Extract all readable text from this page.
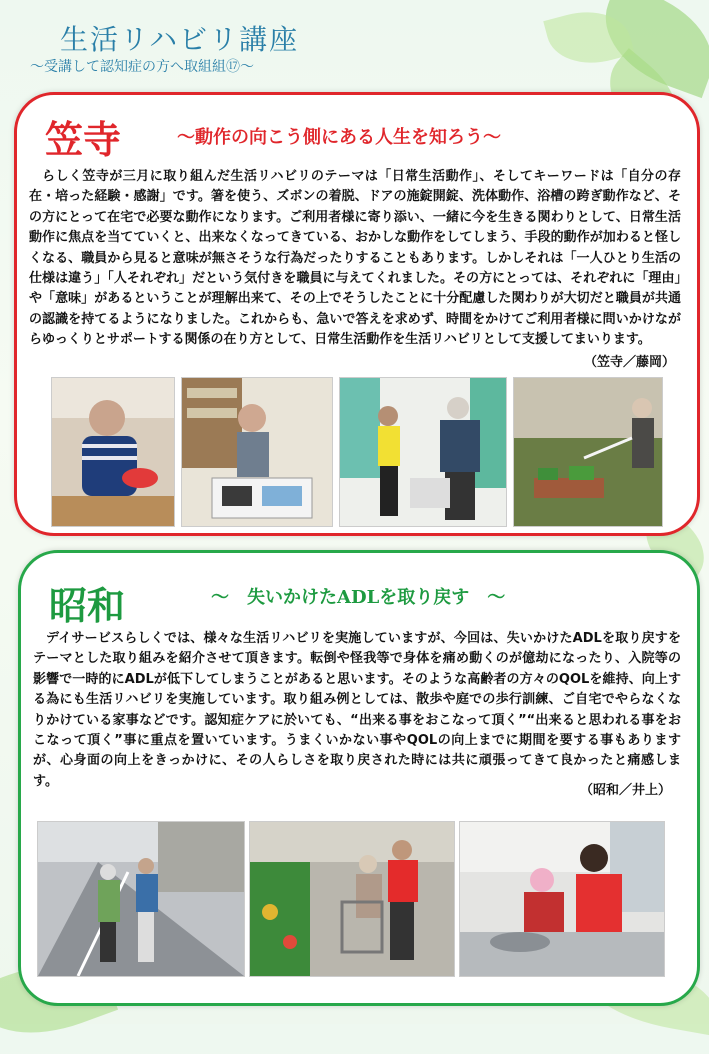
生活リハビリ講座
～受講して認知症の方へ取組組⑰～
笠寺	～動作の向こう側にある人生を知ろう～
らしく笠寺が三月に取り組んだ生活リハビリのテーマは「日常生活動作」、そしてキーワードは「自分の存在・培った経験・感謝」です。箸を使う、ズボンの着脱、ドアの施錠開錠、洗体動作、浴槽の跨ぎ動作など、その方にとって在宅で必要な動作になります。ご利用者様に寄り添い、一緒に今を生きる関わりとして、日常生活動作に焦点を当てていくと、出来なくなってきている、おかしな動作をしてしまう、手段的動作が加わると怪しくなる、職員から見ると意味が無さそうな行為だったりすることもあります。しかしそれは「一人ひとり生活の仕様は違う」「人それぞれ」だという気付きを職員に与えてくれました。その方にとっては、それぞれに「理由」や「意味」があるということが理解出来て、その上でそうしたことに十分配慮した関わりが大切だと職員が共通の認識を持てるようになりました。これからも、急いで答えを求めず、時間をかけてご利用者様に問いかけながらゆっくりとサポートする関係の在り方として、日常生活動作を生活リハビリとして支援してまいります。
（笠寺／藤岡）
昭和	～　失いかけたADLを取り戻す　～
デイサービスらしくでは、様々な生活リハビリを実施していますが、今回は、失いかけたADLを取り戻すをテーマとした取り組みを紹介させて頂きます。転倒や怪我等で身体を痛め動くのが億劫になったり、入院等の影響で一時的にADLが低下してしまうことがあると思います。そのような高齢者の方々のQOLを維持、向上する為にも生活リハビリを実施しています。取り組み例としては、散歩や庭での歩行訓練、ご自宅でやらなくなりかけている家事などです。認知症ケアに於いても、“出来る事をおこなって頂く”“出来ると思われる事をおこなって頂く”事に重点を置いています。うまくいかない事やQOLの向上までに期間を要する事もありますが、心身面の向上をきっかけに、その人らしさを取り戻された時には共に頑張ってきて良かったと痛感します。
（昭和／井上）
